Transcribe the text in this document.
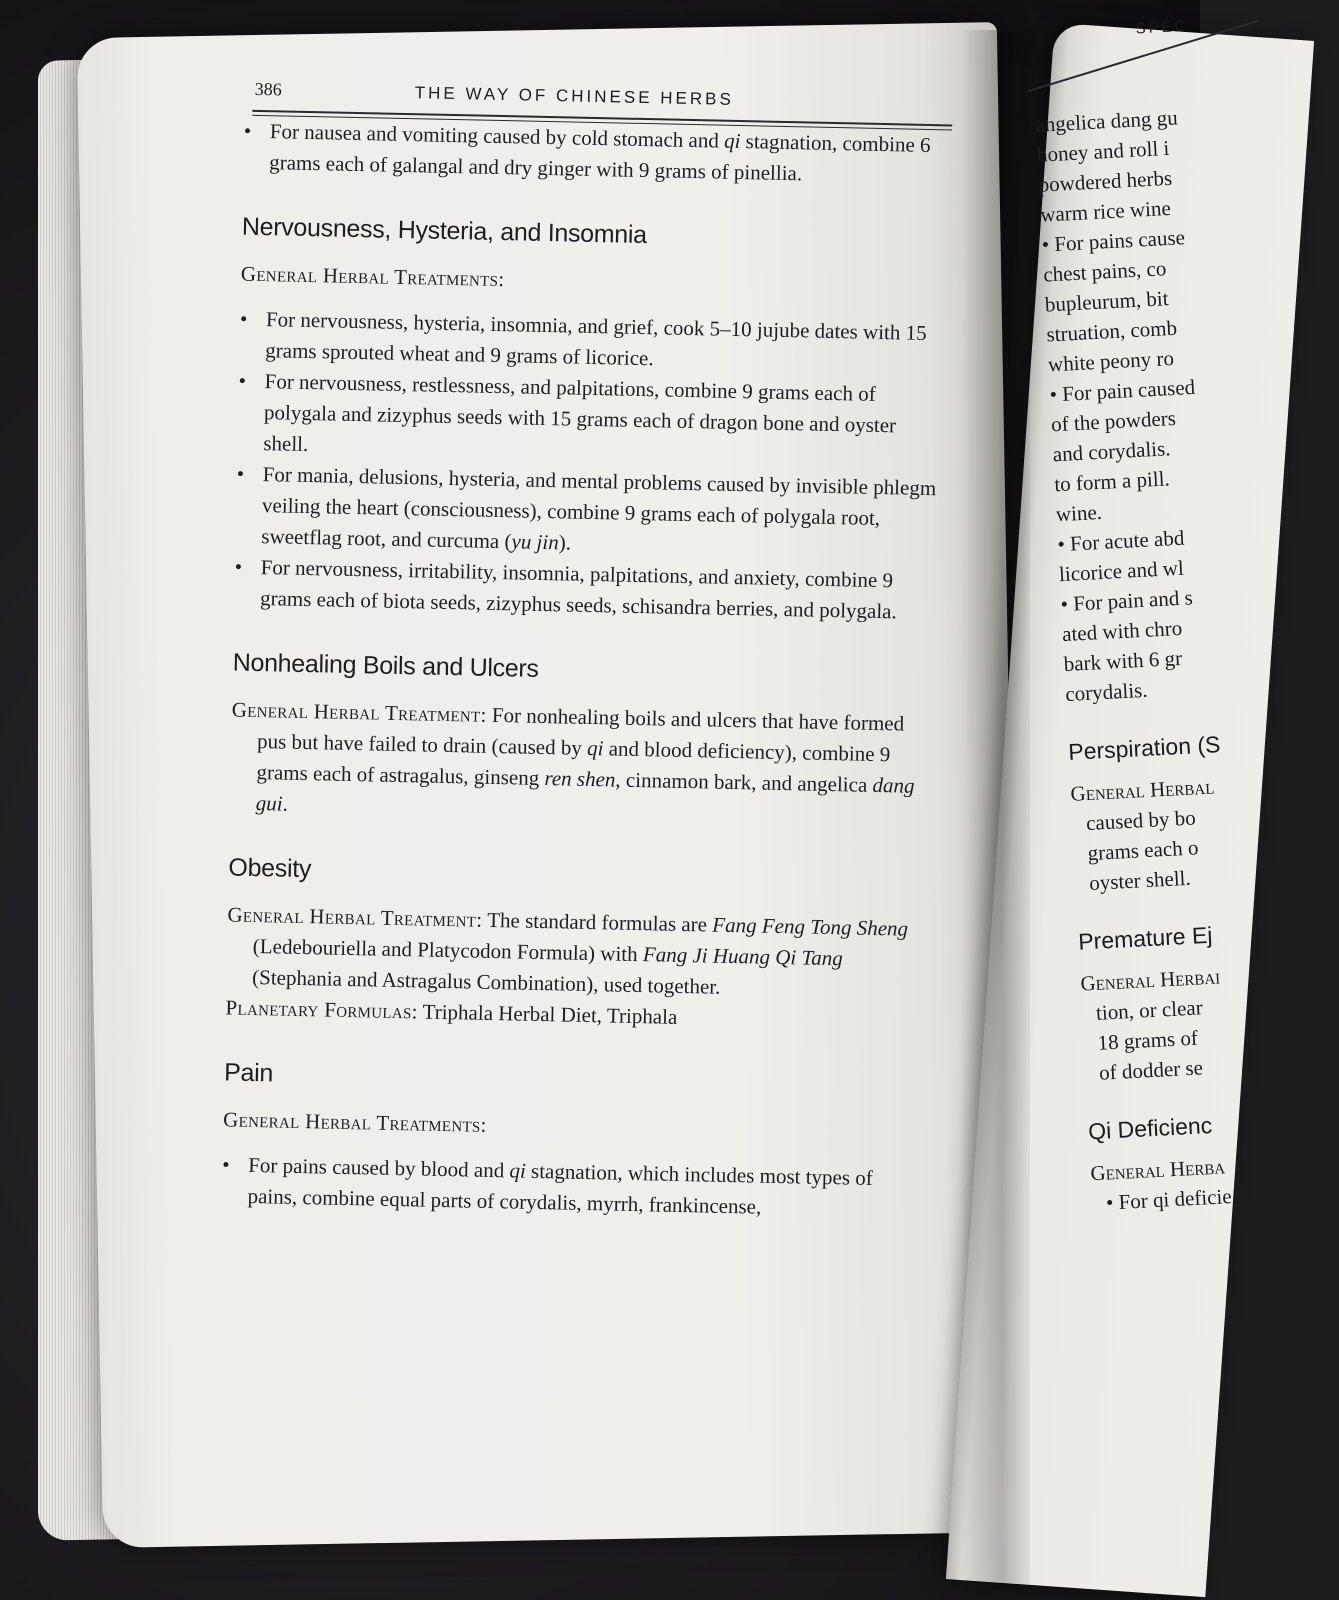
386	THE WAY OF CHINESE HERBS
• For nausea and vomiting caused by cold stomach and qi stagnation, combine 6 grams each of galangal and dry ginger with 9 grams of pinellia.
Nervousness, Hysteria, and Insomnia
General Herbal Treatments:
• For nervousness, hysteria, insomnia, and grief, cook 5–10 jujube dates with 15 grams sprouted wheat and 9 grams of licorice.
• For nervousness, restlessness, and palpitations, combine 9 grams each of polygala and zizyphus seeds with 15 grams each of dragon bone and oyster shell.
• For mania, delusions, hysteria, and mental problems caused by invisible phlegm veiling the heart (consciousness), combine 9 grams each of polygala root, sweetflag root, and curcuma (yu jin).
• For nervousness, irritability, insomnia, palpitations, and anxiety, combine 9 grams each of biota seeds, zizyphus seeds, schisandra berries, and polygala.
Nonhealing Boils and Ulcers
General Herbal Treatment: For nonhealing boils and ulcers that have formed pus but have failed to drain (caused by qi and blood deficiency), combine 9 grams each of astragalus, ginseng ren shen, cinnamon bark, and angelica dang gui.
Obesity
General Herbal Treatment: The standard formulas are Fang Feng Tong Sheng (Ledebouriella and Platycodon Formula) with Fang Ji Huang Qi Tang (Stephania and Astragalus Combination), used together.
Planetary Formulas: Triphala Herbal Diet, Triphala
Pain
General Herbal Treatments:
• For pains caused by blood and qi stagnation, which includes most types of pains, combine equal parts of corydalis, myrrh, frankincense,
SPEC
angelica dang gu
honey and roll i
powdered herbs
warm rice wine
• For pains cause
chest pains, co
bupleurum, bit
struation, comb
white peony ro
• For pain caused
of the powders
and corydalis.
to form a pill.
wine.
• For acute abd
licorice and wl
• For pain and s
ated with chro
bark with 6 gr
corydalis.
Perspiration (S
General Herbal
caused by bo
grams each o
oyster shell.
Premature Ej
General Herbai
tion, or clear
18 grams of
of dodder se
Qi Deficienc
General Herba
• For qi deficie
